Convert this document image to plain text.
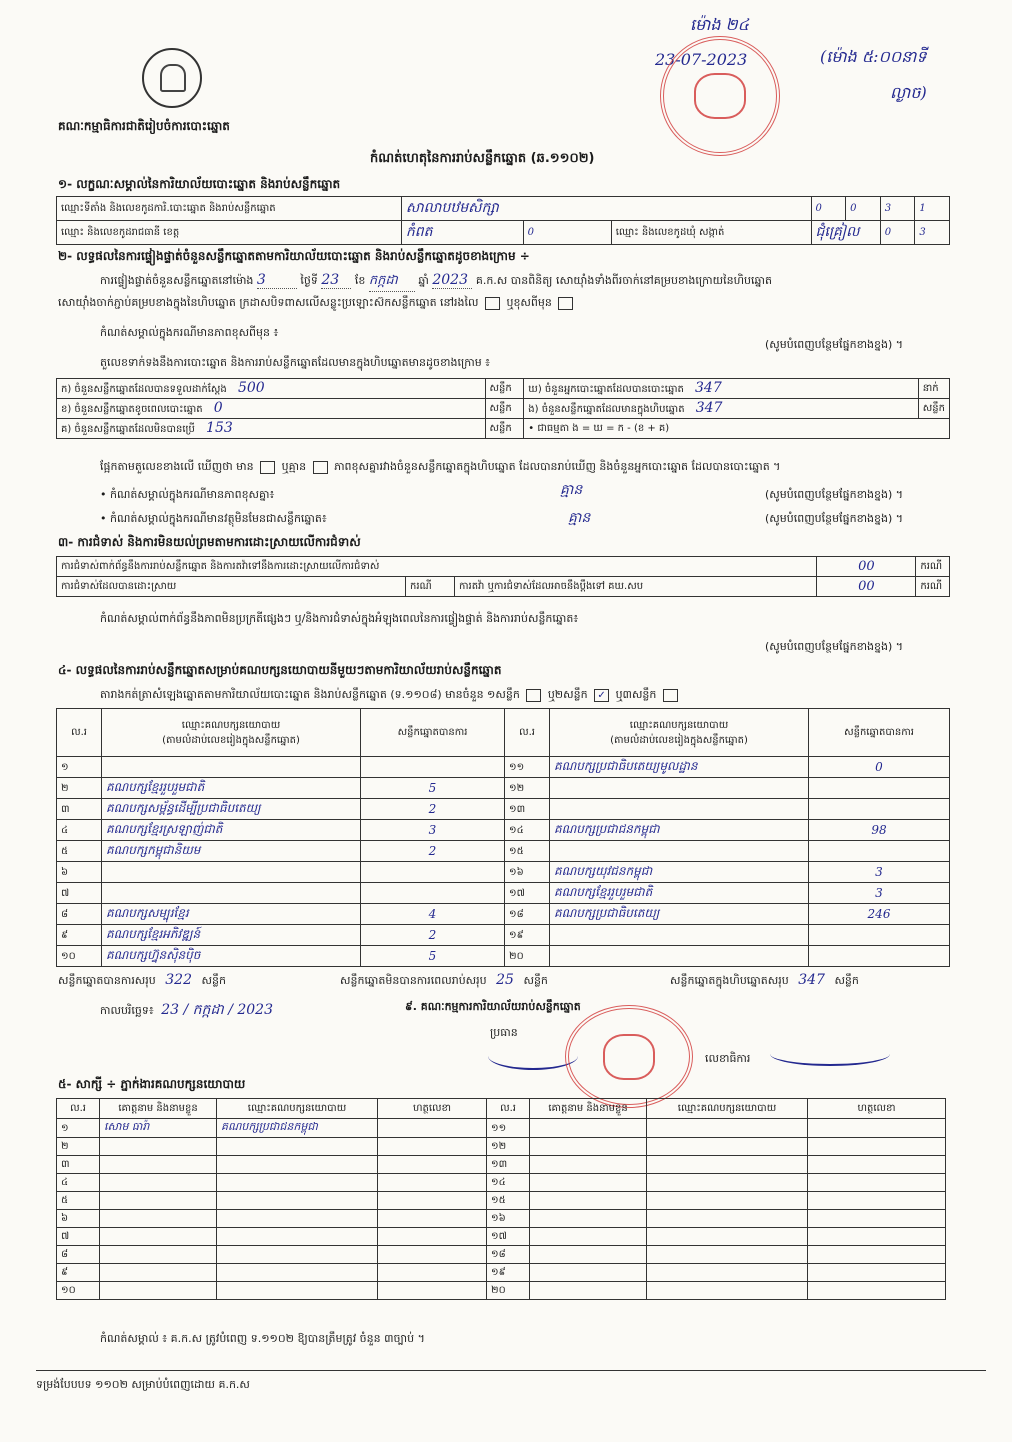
គណៈកម្មាធិការជាតិរៀបចំការបោះឆ្នោត
ម៉ោង ២៤
23-07-2023	(ម៉ោង ៥:០០នាទី
ល្ងាច)
កំណត់ហេតុនៃការរាប់សន្លឹកឆ្នោត (ឆ.១១០២)
១- លក្ខណៈសម្គាល់នៃការិយាល័យបោះឆ្នោត និងរាប់សន្លឹកឆ្នោត
ឈ្មោះទីតាំង និងលេខកូដការិ.បោះឆ្នោត និងរាប់សន្លឹកឆ្នោត	សាលាបឋមសិក្សា			0	0	3	1
ឈ្មោះ និងលេខកូដរាជធានី ខេត្ត	កំពត	0	ឈ្មោះ និងលេខកូដឃុំ សង្កាត់	ជុំគ្រៀល		0	3
២- លទ្ធផលនៃការផ្ទៀងផ្ទាត់ចំនួនសន្លឹកឆ្នោតតាមការិយាល័យបោះឆ្នោត និងរាប់សន្លឹកឆ្នោតដូចខាងក្រោម ÷
ការផ្ទៀងផ្ទាត់ចំនួនសន្លឹកឆ្នោតនៅម៉ោង 3	ថ្ងៃទី 23 ខែ កក្កដា ឆ្នាំ 2023 គ.ក.ស បានពិនិត្យ សោយ៉ាំងទាំងពីរចាក់នៅគម្របខាងក្រោយនៃហិបឆ្នោត
សោយ៉ាំងចាក់ភ្ជាប់គម្របខាងក្នុងនៃហិបឆ្នោត ក្រដាសបិទពាសលើសន្លូះប្រឡោះស៊កសន្លឹកឆ្នោត នៅរងលៃ	ឬខុសពីមុន
កំណត់សម្គាល់ក្នុងករណីមានភាពខុសពីមុន ៖
(សូមបំពេញបន្ថែមផ្នែកខាងខ្នង) ។
តួលេខទាក់ទងនឹងការបោះឆ្នោត និងការរាប់សន្លឹកឆ្នោតដែលមានក្នុងហិបឆ្នោតមានដូចខាងក្រោម ៖
ក) ចំនួនសន្លឹកឆ្នោតដែលបានទទួលដាក់ស្តែង 500	សន្លឹក	ឃ) ចំនួនអ្នកបោះឆ្នោតដែលបានបោះឆ្នោត 347	នាក់
ខ) ចំនួនសន្លឹកឆ្នោតខូចពេលបោះឆ្នោត 0	សន្លឹក	ង) ចំនួនសន្លឹកឆ្នោតដែលមានក្នុងហិបឆ្នោត 347	សន្លឹក
គ) ចំនួនសន្លឹកឆ្នោតដែលមិនបានប្រើ 153	សន្លឹក	• ជាធម្មតា ង = ឃ = ក - (ខ + គ)	
ផ្អែកតាមតួលេខខាងលើ ឃើញថា មាន	ឬគ្មាន	ភាពខុសគ្នារវាងចំនួនសន្លឹកឆ្នោតក្នុងហិបឆ្នោត ដែលបានរាប់ឃើញ និងចំនួនអ្នកបោះឆ្នោត ដែលបានបោះឆ្នោត ។
• កំណត់សម្គាល់ក្នុងករណីមានភាពខុសគ្នា៖	គ្មាន	(សូមបំពេញបន្ថែមផ្នែកខាងខ្នង) ។
• កំណត់សម្គាល់ក្នុងករណីមានវត្ថុមិនមែនជាសន្លឹកឆ្នោត៖	គ្មាន	(សូមបំពេញបន្ថែមផ្នែកខាងខ្នង) ។
៣- ការជំទាស់ និងការមិនយល់ព្រមតាមការដោះស្រាយលើការជំទាស់
ការជំទាស់ពាក់ព័ន្ធនឹងការរាប់សន្លឹកឆ្នោត និងការតវ៉ាទៅនឹងការដោះស្រាយលើការជំទាស់			00	ករណី
ការជំទាស់ដែលបានដោះស្រាយ	ករណី	ការតវ៉ា ឬការជំទាស់ដែលអាចនឹងប្តឹងទៅ គឃ.សប	00	ករណី
កំណត់សម្គាល់ពាក់ព័ន្ធនឹងភាពមិនប្រក្រតីផ្សេងៗ ឬ/និងការជំទាស់ក្នុងអំឡុងពេលនៃការផ្ទៀងផ្ទាត់ និងការរាប់សន្លឹកឆ្នោត៖
(សូមបំពេញបន្ថែមផ្នែកខាងខ្នង) ។
៤- លទ្ធផលនៃការរាប់សន្លឹកឆ្នោតសម្រាប់គណបក្សនយោបាយនីមួយៗតាមការិយាល័យរាប់សន្លឹកឆ្នោត
តារាងកត់ត្រាសំឡេងឆ្នោតតាមការិយាល័យបោះឆ្នោត និងរាប់សន្លឹកឆ្នោត (ទ.១១០៨) មានចំនួន ១សន្លឹក	ឬ២សន្លឹក ✓ ឬ៣សន្លឹក
ល.រ	ឈ្មោះគណបក្សនយោបាយ
(តាមលំដាប់លេខរៀងក្នុងសន្លឹកឆ្នោត)	សន្លឹកឆ្នោតបានការ	ល.រ	ឈ្មោះគណបក្សនយោបាយ
(តាមលំដាប់លេខរៀងក្នុងសន្លឹកឆ្នោត)	សន្លឹកឆ្នោតបានការ
១			១១	គណបក្សប្រជាធិបតេយ្យមូលដ្ឋាន	0
២	គណបក្សខ្មែររួបរួមជាតិ	5	១២		
៣	គណបក្សសម្ព័ន្ធដើម្បីប្រជាធិបតេយ្យ	2	១៣		
៤	គណបក្សខ្មែរស្រឡាញ់ជាតិ	3	១៤	គណបក្សប្រជាជនកម្ពុជា	98
៥	គណបក្សកម្ពុជានិយម	2	១៥		
៦			១៦	គណបក្សយុវជនកម្ពុជា	3
៧			១៧	គណបក្សខ្មែររួបរួមជាតិ	3
៨	គណបក្សសម្បុរខ្មែរ	4	១៨	គណបក្សប្រជាធិបតេយ្យ	246
៩	គណបក្សខ្មែរអភិវឌ្ឍន៍	2	១៩		
១០	គណបក្សហ្វ៊ុនស៊ិនប៉ិច	5	២០		
សន្លឹកឆ្នោតបានការសរុប 322 សន្លឹក	សន្លឹកឆ្នោតមិនបានការពេលរាប់សរុប 25 សន្លឹក	សន្លឹកឆ្នោតក្នុងហិបឆ្នោតសរុប 347 សន្លឹក
កាលបរិច្ឆេទ៖ 23 / កក្កដា / 2023	៩. គណៈកម្មការការិយាល័យរាប់សន្លឹកឆ្នោត
ប្រធាន
លេខាធិការ
៥- សាក្សី ÷ ភ្នាក់ងារគណបក្សនយោបាយ
ល.រ	គោត្តនាម និងនាមខ្លួន	ឈ្មោះគណបក្សនយោបាយ	ហត្ថលេខា	ល.រ	គោត្តនាម និងនាមខ្លួន	ឈ្មោះគណបក្សនយោបាយ	ហត្ថលេខា
១	សោម ធារ៉ា	គណបក្សប្រជាជនកម្ពុជា		១១			
២				១២			
៣				១៣			
៤				១៤			
៥				១៥			
៦				១៦			
៧				១៧			
៨				១៨			
៩				១៩			
១០				២០			
កំណត់សម្គាល់ ៖ គ.ក.ស ត្រូវបំពេញ ទ.១១០២ ឱ្យបានត្រឹមត្រូវ ចំនួន ៣ច្បាប់ ។
ទម្រង់បែបបទ ១១០២ សម្រាប់បំពេញដោយ គ.ក.ស
